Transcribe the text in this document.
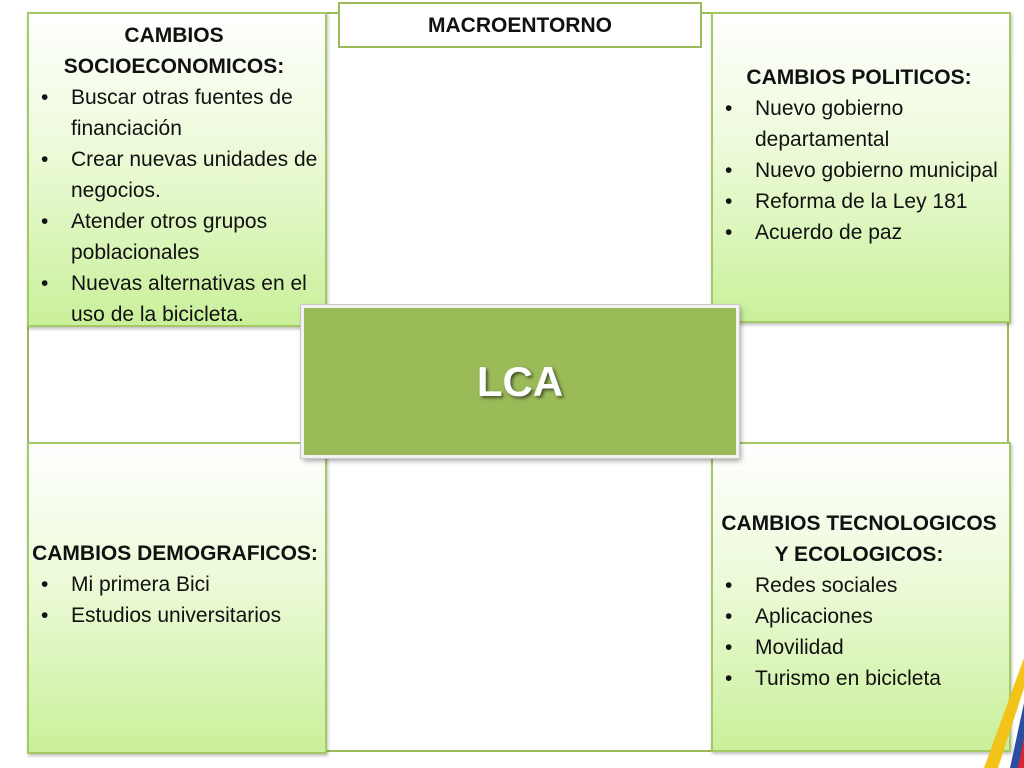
CAMBIOS SOCIOECONOMICOS:
• Buscar otras fuentes de financiación
• Crear nuevas unidades de negocios.
• Atender otros grupos poblacionales
• Nuevas alternativas en el uso de la bicicleta.
CAMBIOS POLITICOS:
• Nuevo gobierno departamental
• Nuevo gobierno municipal
• Reforma de la Ley 181
• Acuerdo de paz
CAMBIOS DEMOGRAFICOS:
• Mi primera Bici
• Estudios universitarios
CAMBIOS TECNOLOGICOS Y ECOLOGICOS:
• Redes sociales
• Aplicaciones
• Movilidad
• Turismo en bicicleta
MACROENTORNO
LCA
